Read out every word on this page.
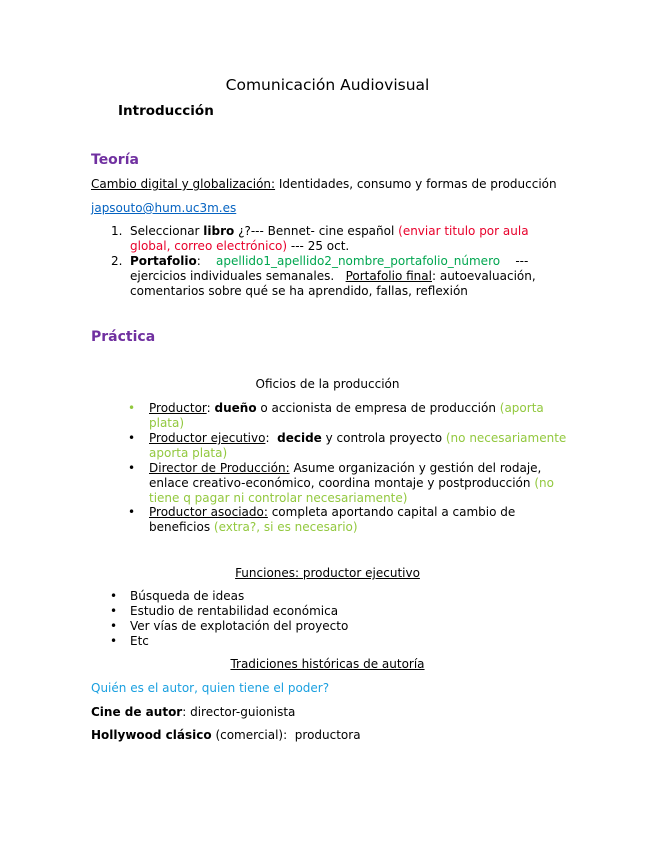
Comunicación Audiovisual
Introducción
Teoría
Cambio digital y globalización: Identidades, consumo y formas de producción
japsouto@hum.uc3m.es
1. Seleccionar libro ¿?--- Bennet- cine español (enviar titulo por aula
global, correo electrónico) --- 25 oct.
2. Portafolio:    apellido1_apellido2_nombre_portafolio_número    ---
ejercicios individuales semanales.   Portafolio final: autoevaluación,
comentarios sobre qué se ha aprendido, fallas, reflexión
Práctica
Oficios de la producción
• Productor: dueño o accionista de empresa de producción (aporta
plata)
• Productor ejecutivo:  decide y controla proyecto (no necesariamente
aporta plata)
• Director de Producción: Asume organización y gestión del rodaje,
enlace creativo-económico, coordina montaje y postproducción (no
tiene q pagar ni controlar necesariamente)
• Productor asociado: completa aportando capital a cambio de
beneficios (extra?, si es necesario)
Funciones: productor ejecutivo
• Búsqueda de ideas
• Estudio de rentabilidad económica
• Ver vías de explotación del proyecto
• Etc
Tradiciones históricas de autoría
Quién es el autor, quien tiene el poder?
Cine de autor: director-guionista
Hollywood clásico (comercial):  productora
